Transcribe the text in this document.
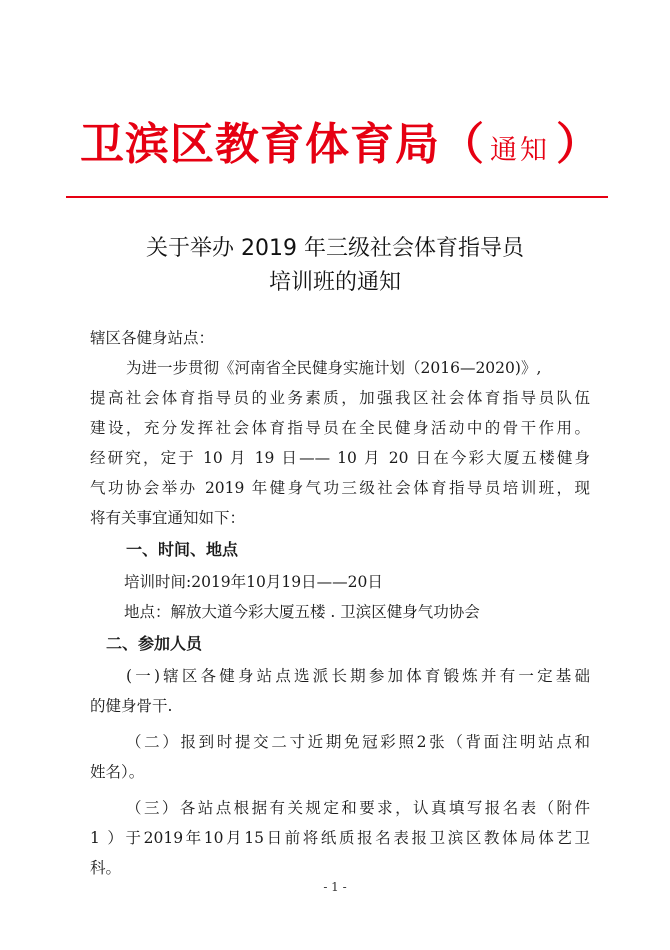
卫滨区教育体育局（ 通知 ）
关于举办 2019 年三级社会体育指导员
培训班的通知
辖区各健身站点：
为进一步贯彻《河南省全民健身实施计划（2016—2020)》,
提高社会体育指导员的业务素质，加强我区社会体育指导员队伍
建设，充分发挥社会体育指导员在全民健身活动中的骨干作用。
经研究，定于 10 月 19 日—— 10 月 20 日在今彩大厦五楼健身
气功协会举办 2019 年健身气功三级社会体育指导员培训班，现
将有关事宜通知如下：
一、时间、地点
培训时间:2019年10月19日——20日
地点：解放大道今彩大厦五楼 . 卫滨区健身气功协会
二、参加人员
(一)辖区各健身站点选派长期参加体育锻炼并有一定基础
的健身骨干.
（二）报到时提交二寸近期免冠彩照2张（背面注明站点和
姓名）。
（三）各站点根据有关规定和要求，认真填写报名表（附件
1 ）于2019年10月15日前将纸质报名表报卫滨区教体局体艺卫
科。
- 1 -
